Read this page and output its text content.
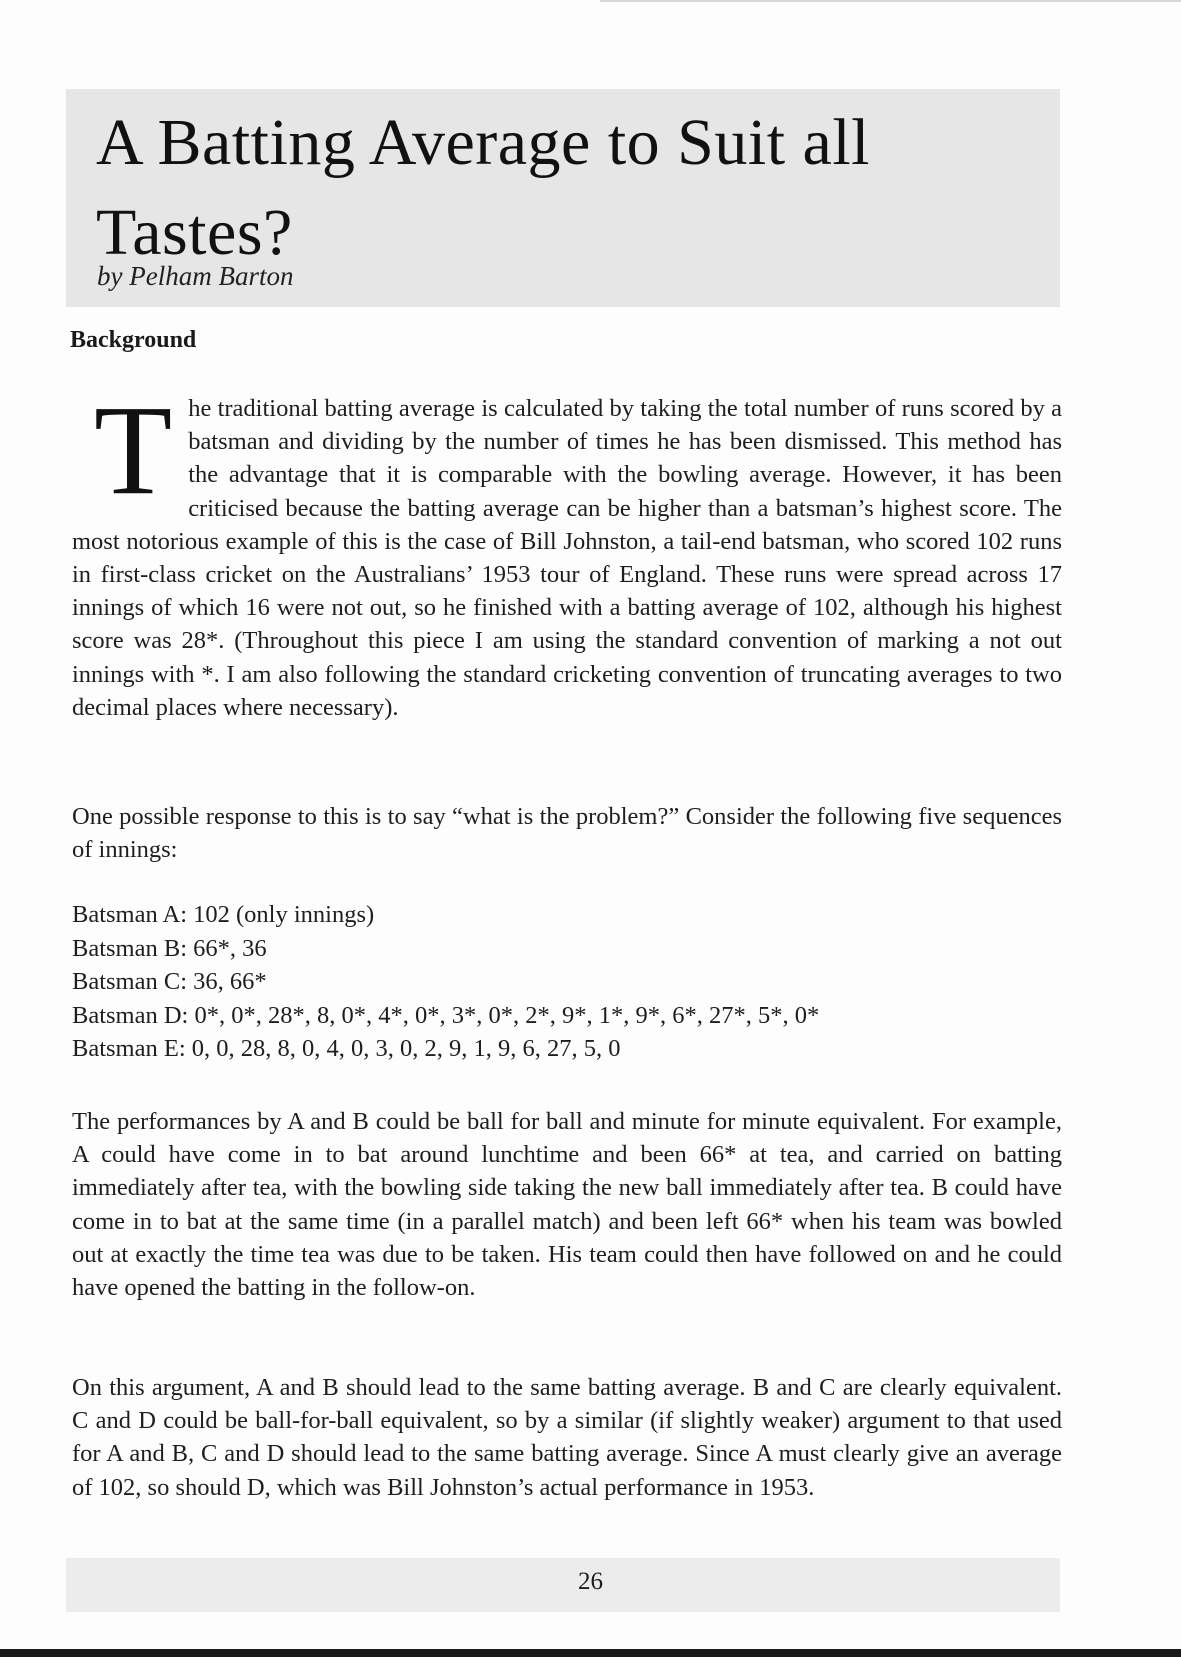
A Batting Average to Suit all Tastes?

by Pelham Barton

Background

The traditional batting average is calculated by taking the total number of runs scored by a batsman and dividing by the number of times he has been dismissed. This method has the advantage that it is comparable with the bowling average. However, it has been criticised because the batting average can be higher than a batsman’s highest score. The most notorious example of this is the case of Bill Johnston, a tail-end batsman, who scored 102 runs in first-class cricket on the Australians’ 1953 tour of England. These runs were spread across 17 innings of which 16 were not out, so he finished with a batting average of 102, although his highest score was 28*. (Throughout this piece I am using the standard convention of marking a not out innings with *. I am also following the standard cricketing convention of truncating averages to two decimal places where necessary).

One possible response to this is to say “what is the problem?” Consider the following five sequences of innings:

Batsman A: 102 (only innings)
Batsman B: 66*, 36
Batsman C: 36, 66*
Batsman D: 0*, 0*, 28*, 8, 0*, 4*, 0*, 3*, 0*, 2*, 9*, 1*, 9*, 6*, 27*, 5*, 0*
Batsman E: 0, 0, 28, 8, 0, 4, 0, 3, 0, 2, 9, 1, 9, 6, 27, 5, 0

The performances by A and B could be ball for ball and minute for minute equivalent. For example, A could have come in to bat around lunchtime and been 66* at tea, and carried on batting immediately after tea, with the bowling side taking the new ball immediately after tea. B could have come in to bat at the same time (in a parallel match) and been left 66* when his team was bowled out at exactly the time tea was due to be taken. His team could then have followed on and he could have opened the batting in the follow-on.

On this argument, A and B should lead to the same batting average. B and C are clearly equivalent. C and D could be ball-for-ball equivalent, so by a similar (if slightly weaker) argument to that used for A and B, C and D should lead to the same batting average. Since A must clearly give an average of 102, so should D, which was Bill Johnston’s actual performance in 1953.

26
